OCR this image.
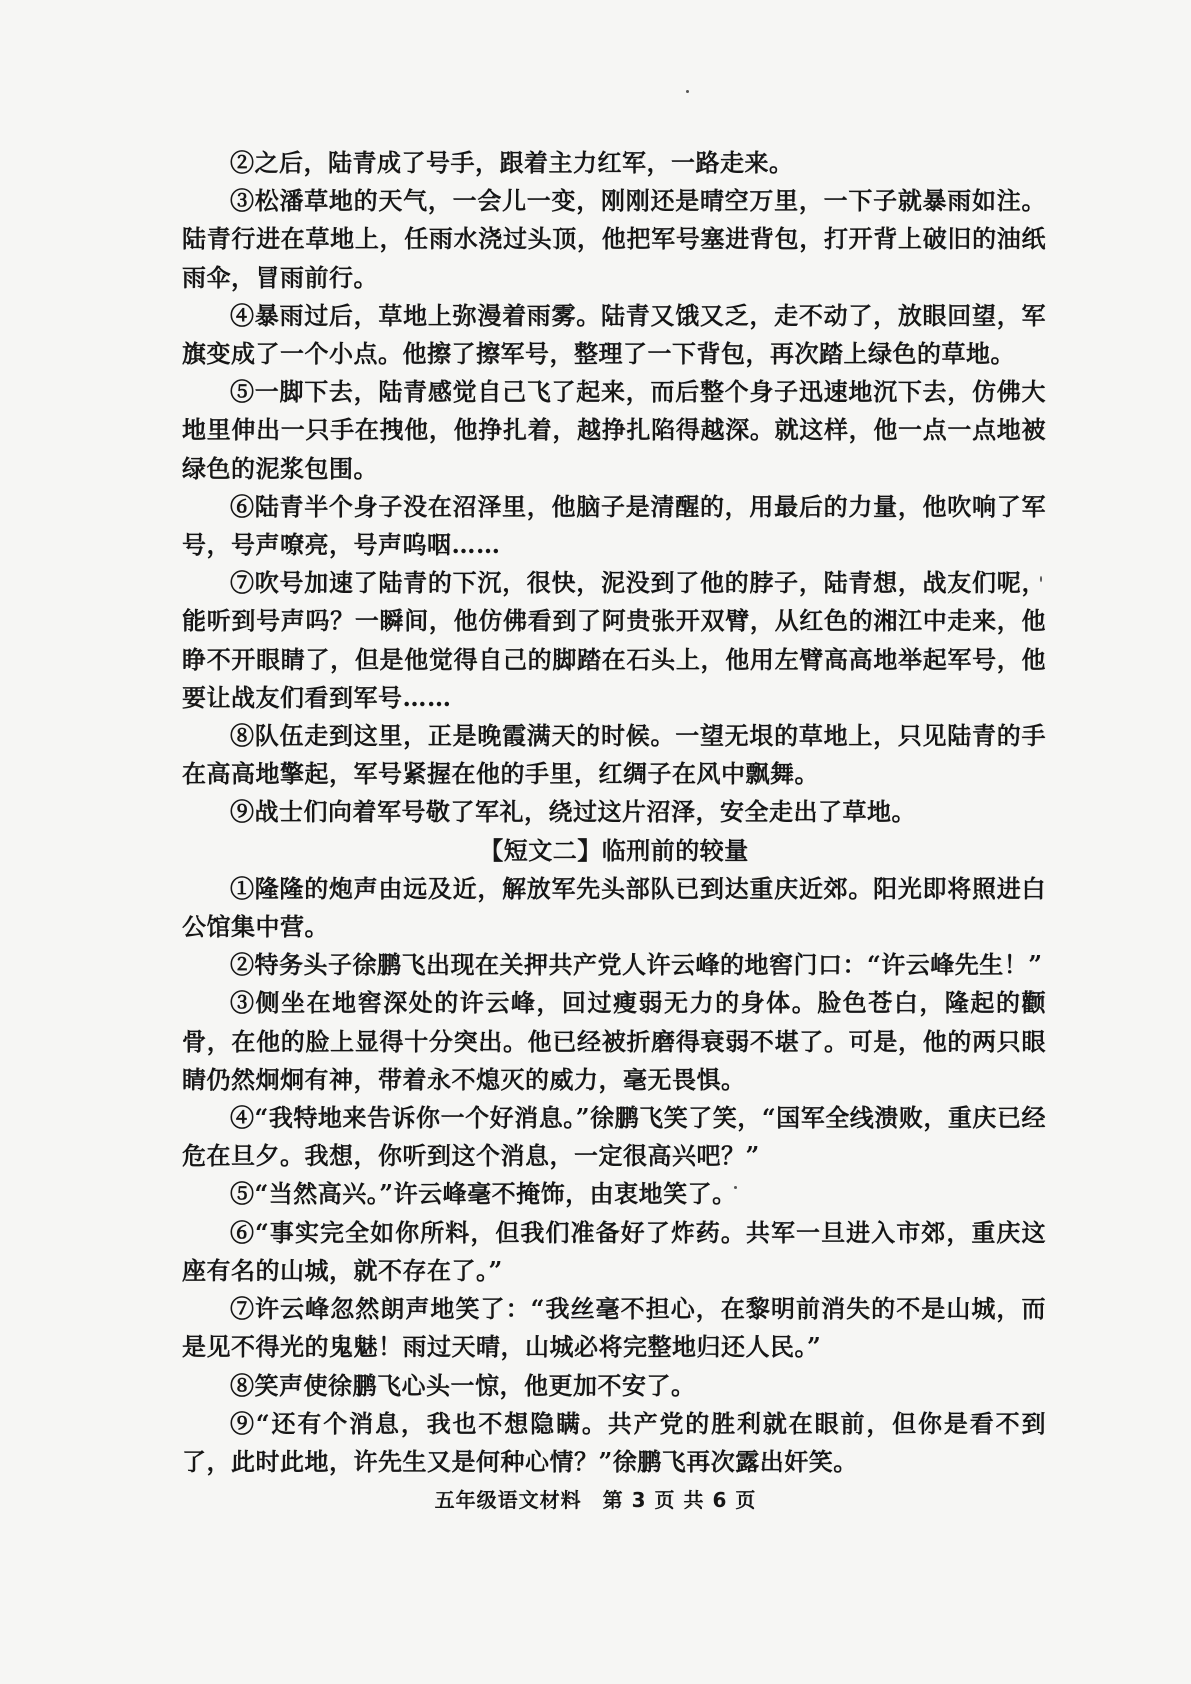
②之后，陆青成了号手，跟着主力红军，一路走来。

③松潘草地的天气，一会儿一变，刚刚还是晴空万里，一下子就暴雨如注。陆青行进在草地上，任雨水浇过头顶，他把军号塞进背包，打开背上破旧的油纸雨伞，冒雨前行。

④暴雨过后，草地上弥漫着雨雾。陆青又饿又乏，走不动了，放眼回望，军旗变成了一个小点。他擦了擦军号，整理了一下背包，再次踏上绿色的草地。

⑤一脚下去，陆青感觉自己飞了起来，而后整个身子迅速地沉下去，仿佛大地里伸出一只手在拽他，他挣扎着，越挣扎陷得越深。就这样，他一点一点地被绿色的泥浆包围。

⑥陆青半个身子没在沼泽里，他脑子是清醒的，用最后的力量，他吹响了军号，号声嘹亮，号声呜咽……

⑦吹号加速了陆青的下沉，很快，泥没到了他的脖子，陆青想，战友们呢，能听到号声吗？一瞬间，他仿佛看到了阿贵张开双臂，从红色的湘江中走来，他睁不开眼睛了，但是他觉得自己的脚踏在石头上，他用左臂高高地举起军号，他要让战友们看到军号……

⑧队伍走到这里，正是晚霞满天的时候。一望无垠的草地上，只见陆青的手在高高地擎起，军号紧握在他的手里，红绸子在风中飘舞。

⑨战士们向着军号敬了军礼，绕过这片沼泽，安全走出了草地。

【短文二】临刑前的较量

①隆隆的炮声由远及近，解放军先头部队已到达重庆近郊。阳光即将照进白公馆集中营。

②特务头子徐鹏飞出现在关押共产党人许云峰的地窖门口：“许云峰先生！”

③侧坐在地窖深处的许云峰，回过瘦弱无力的身体。脸色苍白，隆起的颧骨，在他的脸上显得十分突出。他已经被折磨得衰弱不堪了。可是，他的两只眼睛仍然炯炯有神，带着永不熄灭的威力，毫无畏惧。

④“我特地来告诉你一个好消息。”徐鹏飞笑了笑，“国军全线溃败，重庆已经危在旦夕。我想，你听到这个消息，一定很高兴吧？”

⑤“当然高兴。”许云峰毫不掩饰，由衷地笑了。

⑥“事实完全如你所料，但我们准备好了炸药。共军一旦进入市郊，重庆这座有名的山城，就不存在了。”

⑦许云峰忽然朗声地笑了：“我丝毫不担心，在黎明前消失的不是山城，而是见不得光的鬼魅！雨过天晴，山城必将完整地归还人民。”

⑧笑声使徐鹏飞心头一惊，他更加不安了。

⑨“还有个消息，我也不想隐瞒。共产党的胜利就在眼前，但你是看不到了，此时此地，许先生又是何种心情？”徐鹏飞再次露出奸笑。

五年级语文材料　第 3 页 共 6 页
